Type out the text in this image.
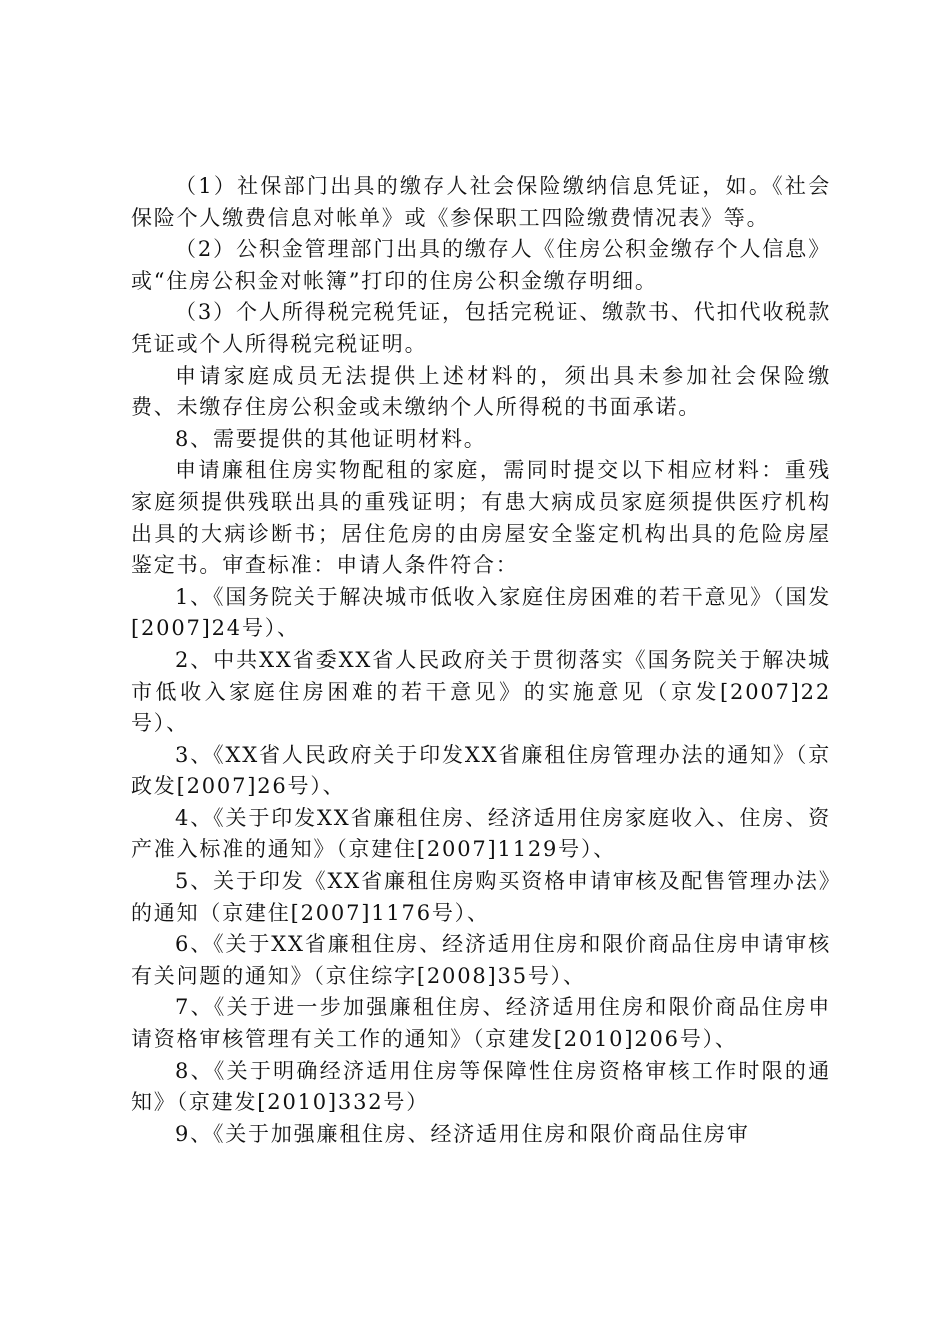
（1）社保部门出具的缴存人社会保险缴纳信息凭证，如。《社会保险个人缴费信息对帐单》或《参保职工四险缴费情况表》等。

（2）公积金管理部门出具的缴存人《住房公积金缴存个人信息》或“住房公积金对帐簿”打印的住房公积金缴存明细。

（3）个人所得税完税凭证，包括完税证、缴款书、代扣代收税款凭证或个人所得税完税证明。

申请家庭成员无法提供上述材料的，须出具未参加社会保险缴费、未缴存住房公积金或未缴纳个人所得税的书面承诺。

8、需要提供的其他证明材料。

申请廉租住房实物配租的家庭，需同时提交以下相应材料：重残家庭须提供残联出具的重残证明；有患大病成员家庭须提供医疗机构出具的大病诊断书；居住危房的由房屋安全鉴定机构出具的危险房屋鉴定书。审查标准：申请人条件符合：

1、《国务院关于解决城市低收入家庭住房困难的若干意见》（国发[2007]24号）、

2、中共XX省委XX省人民政府关于贯彻落实《国务院关于解决城市低收入家庭住房困难的若干意见》的实施意见（京发[2007]22号）、

3、《XX省人民政府关于印发XX省廉租住房管理办法的通知》（京政发[2007]26号）、

4、《关于印发XX省廉租住房、经济适用住房家庭收入、住房、资产准入标准的通知》（京建住[2007]1129号）、

5、关于印发《XX省廉租住房购买资格申请审核及配售管理办法》的通知（京建住[2007]1176号）、

6、《关于XX省廉租住房、经济适用住房和限价商品住房申请审核有关问题的通知》（京住综字[2008]35号）、

7、《关于进一步加强廉租住房、经济适用住房和限价商品住房申请资格审核管理有关工作的通知》（京建发[2010]206号）、

8、《关于明确经济适用住房等保障性住房资格审核工作时限的通知》（京建发[2010]332号）

9、《关于加强廉租住房、经济适用住房和限价商品住房审
